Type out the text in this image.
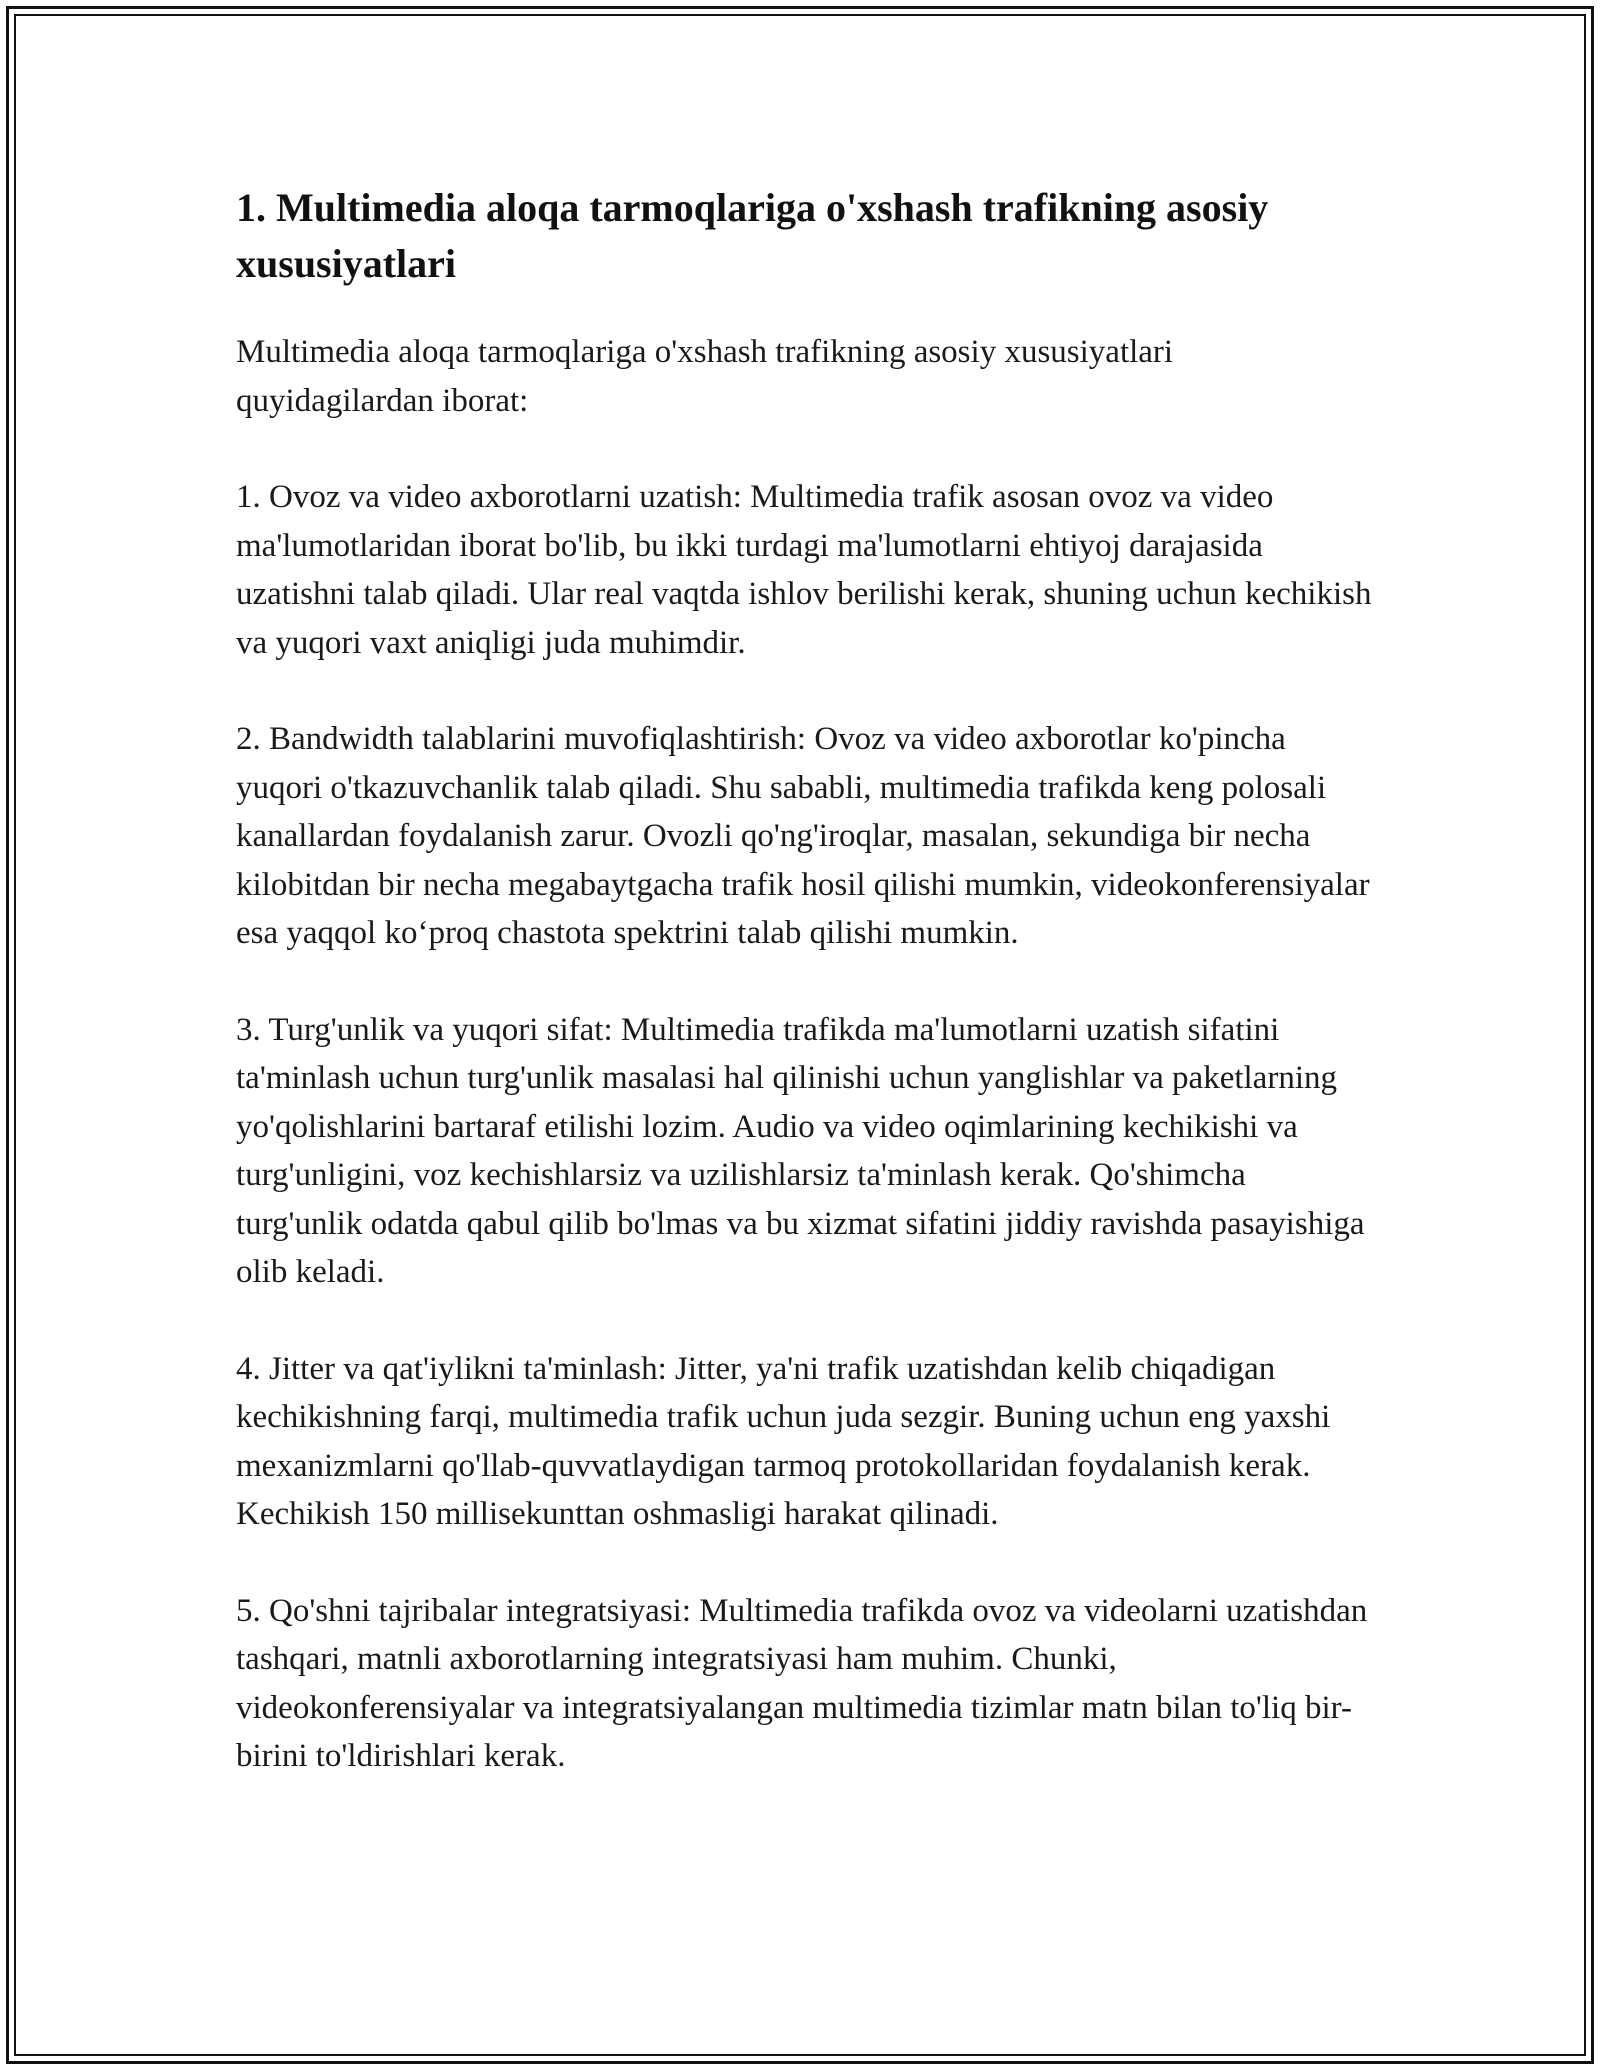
1. Multimedia aloqa tarmoqlariga o'xshash trafikning asosiy xususiyatlari

Multimedia aloqa tarmoqlariga o'xshash trafikning asosiy xususiyatlari quyidagilardan iborat:

1. Ovoz va video axborotlarni uzatish: Multimedia trafik asosan ovoz va video ma'lumotlaridan iborat bo'lib, bu ikki turdagi ma'lumotlarni ehtiyoj darajasida uzatishni talab qiladi. Ular real vaqtda ishlov berilishi kerak, shuning uchun kechikish va yuqori vaxt aniqligi juda muhimdir.

2. Bandwidth talablarini muvofiqlashtirish: Ovoz va video axborotlar ko'pincha yuqori o'tkazuvchanlik talab qiladi. Shu sababli, multimedia trafikda keng polosali kanallardan foydalanish zarur. Ovozli qo'ng'iroqlar, masalan, sekundiga bir necha kilobitdan bir necha megabaytgacha trafik hosil qilishi mumkin, videokonferensiyalar esa yaqqol ko‘proq chastota spektrini talab qilishi mumkin.

3. Turg'unlik va yuqori sifat: Multimedia trafikda ma'lumotlarni uzatish sifatini ta'minlash uchun turg'unlik masalasi hal qilinishi uchun yanglishlar va paketlarning yo'qolishlarini bartaraf etilishi lozim. Audio va video oqimlarining kechikishi va turg'unligini, voz kechishlarsiz va uzilishlarsiz ta'minlash kerak. Qo'shimcha turg'unlik odatda qabul qilib bo'lmas va bu xizmat sifatini jiddiy ravishda pasayishiga olib keladi.

4. Jitter va qat'iylikni ta'minlash: Jitter, ya'ni trafik uzatishdan kelib chiqadigan kechikishning farqi, multimedia trafik uchun juda sezgir. Buning uchun eng yaxshi mexanizmlarni qo'llab-quvvatlaydigan tarmoq protokollaridan foydalanish kerak. Kechikish 150 millisekunttan oshmasligi harakat qilinadi.

5. Qo'shni tajribalar integratsiyasi: Multimedia trafikda ovoz va videolarni uzatishdan tashqari, matnli axborotlarning integratsiyasi ham muhim. Chunki, videokonferensiyalar va integratsiyalangan multimedia tizimlar matn bilan to'liq bir-birini to'ldirishlari kerak.
